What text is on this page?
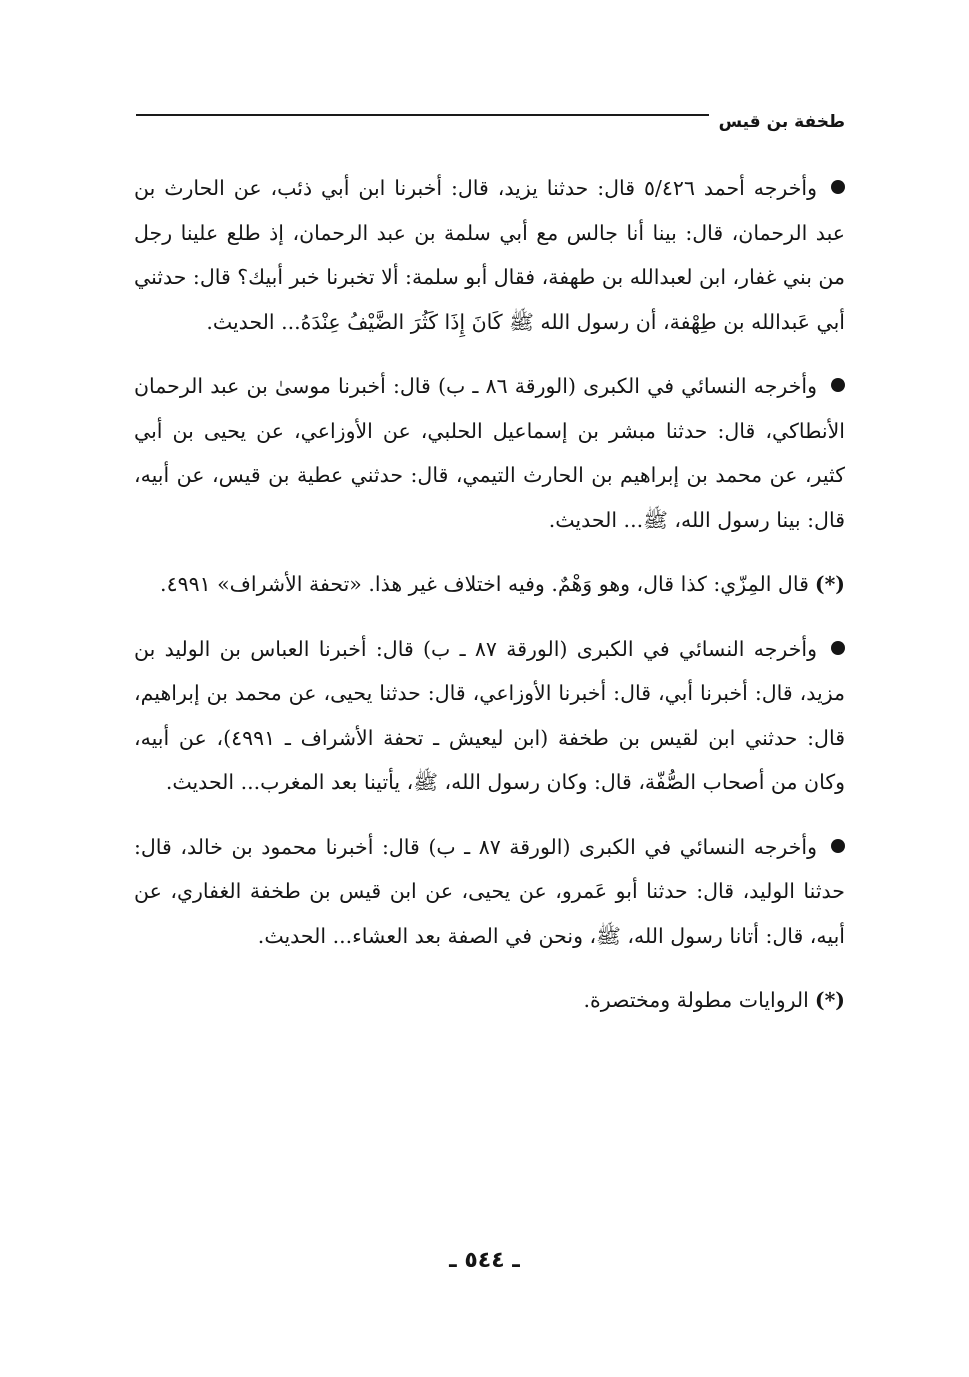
طخفة بن قيس

وأخرجه أحمد ٥/٤٢٦ قال: حدثنا يزيد، قال: أخبرنا ابن أبي ذئب، عن الحارث بن عبد الرحمان، قال: بينا أنا جالس مع أبي سلمة بن عبد الرحمان، إذ طلع علينا رجل من بني غفار، ابن لعبدالله بن طهفة، فقال أبو سلمة: ألا تخبرنا خبر أبيك؟ قال: حدثني أبي عَبدالله بن طِهْفة، أن رسول الله ﷺ كَانَ إِذَا كَثُرَ الضَّيْفُ عِنْدَهُ... الحديث.

وأخرجه النسائي في الكبرى (الورقة ٨٦ ـ ب) قال: أخبرنا موسىٰ بن عبد الرحمان الأنطاكي، قال: حدثنا مبشر بن إسماعيل الحلبي، عن الأوزاعي، عن يحيى بن أبي كثير، عن محمد بن إبراهيم بن الحارث التيمي، قال: حدثني عطية بن قيس، عن أبيه، قال: بينا رسول الله، ﷺ... الحديث.

(*)قال المِزّي: كذا قال، وهو وَهْمٌ. وفيه اختلاف غير هذا. «تحفة الأشراف» ٤٩٩١.

وأخرجه النسائي في الكبرى (الورقة ٨٧ ـ ب) قال: أخبرنا العباس بن الوليد بن مزيد، قال: أخبرنا أبي، قال: أخبرنا الأوزاعي، قال: حدثنا يحيى، عن محمد بن إبراهيم، قال: حدثني ابن لقيس بن طخفة (ابن ليعيش ـ تحفة الأشراف ـ ٤٩٩١)، عن أبيه، وكان من أصحاب الصُّفّة، قال: وكان رسول الله، ﷺ، يأتينا بعد المغرب... الحديث.

وأخرجه النسائي في الكبرى (الورقة ٨٧ ـ ب) قال: أخبرنا محمود بن خالد، قال: حدثنا الوليد، قال: حدثنا أبو عَمرو، عن يحيى، عن ابن قيس بن طخفة الغفاري، عن أبيه، قال: أتانا رسول الله، ﷺ، ونحن في الصفة بعد العشاء... الحديث.

(*)الروايات مطولة ومختصرة.

ـ ٥٤٤ ـ
